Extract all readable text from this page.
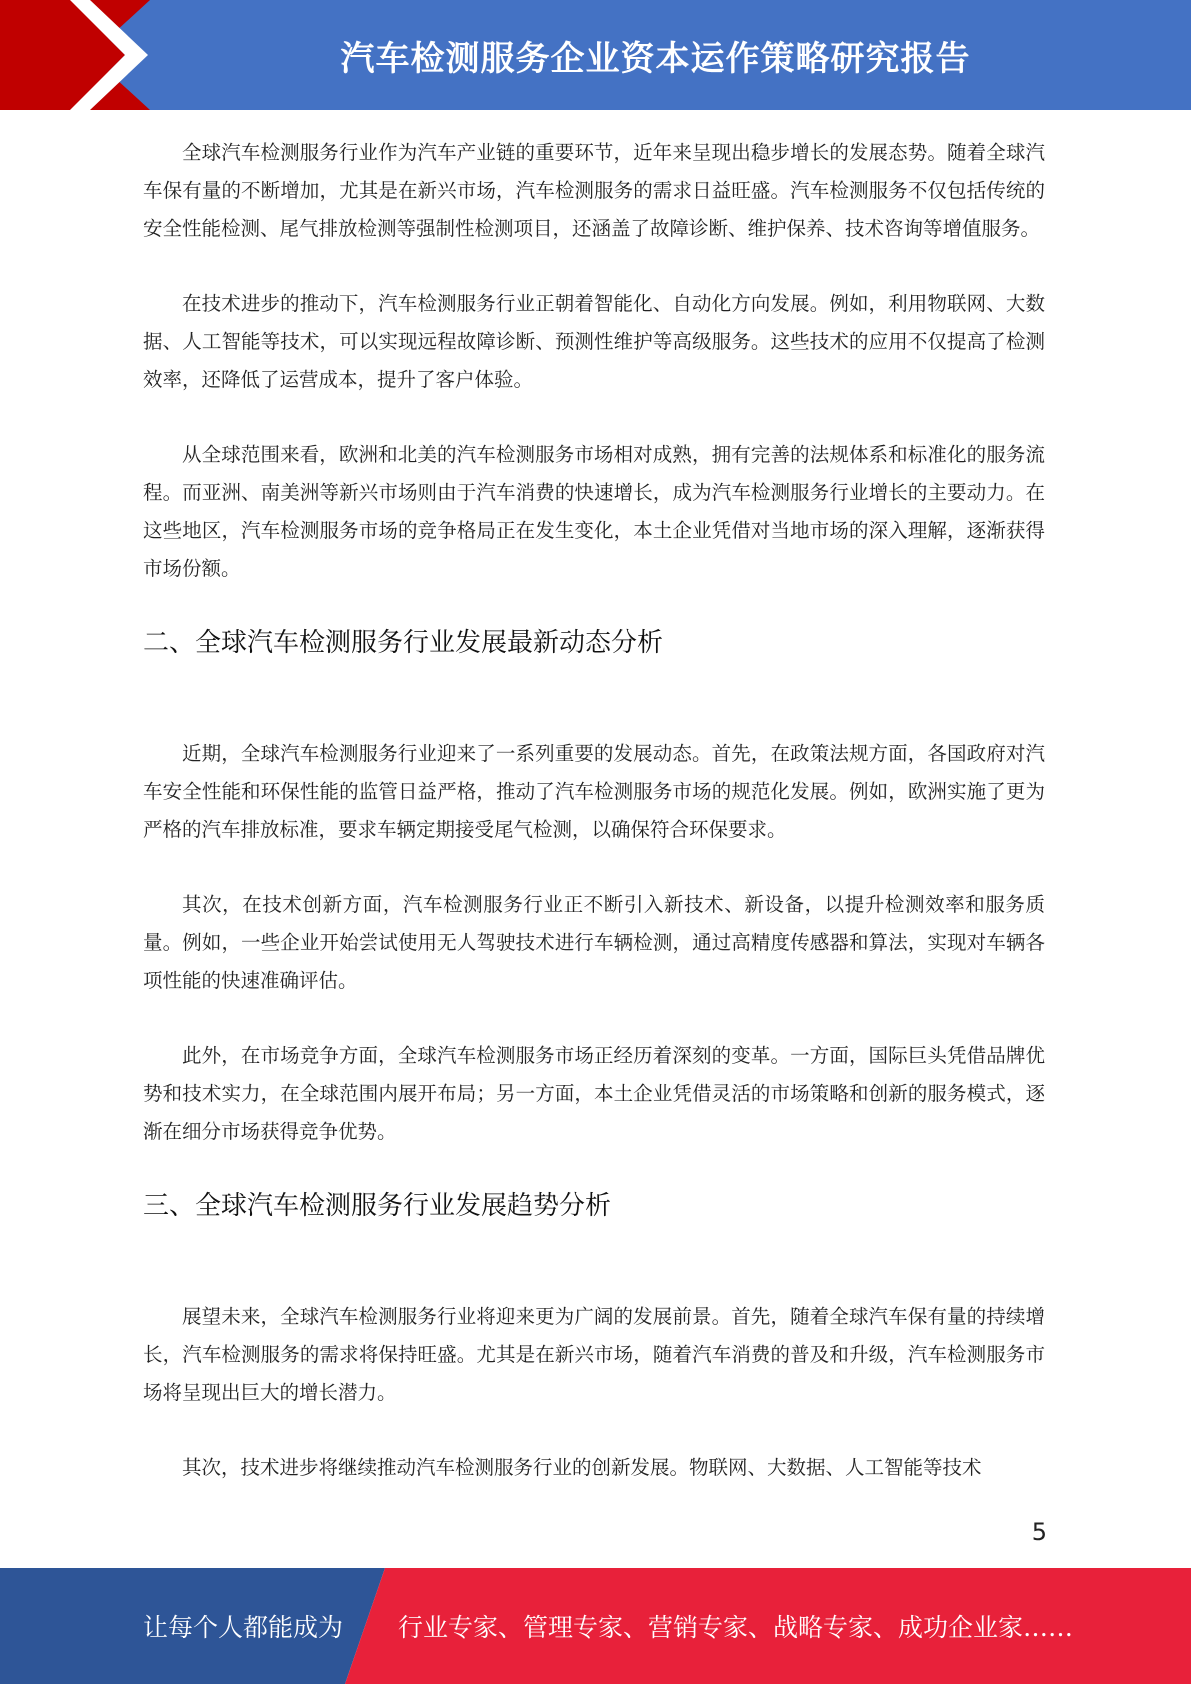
汽车检测服务企业资本运作策略研究报告

全球汽车检测服务行业作为汽车产业链的重要环节，近年来呈现出稳步增长的发展态势。随着全球汽车保有量的不断增加，尤其是在新兴市场，汽车检测服务的需求日益旺盛。汽车检测服务不仅包括传统的安全性能检测、尾气排放检测等强制性检测项目，还涵盖了故障诊断、维护保养、技术咨询等增值服务。

在技术进步的推动下，汽车检测服务行业正朝着智能化、自动化方向发展。例如，利用物联网、大数据、人工智能等技术，可以实现远程故障诊断、预测性维护等高级服务。这些技术的应用不仅提高了检测效率，还降低了运营成本，提升了客户体验。

从全球范围来看，欧洲和北美的汽车检测服务市场相对成熟，拥有完善的法规体系和标准化的服务流程。而亚洲、南美洲等新兴市场则由于汽车消费的快速增长，成为汽车检测服务行业增长的主要动力。在这些地区，汽车检测服务市场的竞争格局正在发生变化，本土企业凭借对当地市场的深入理解，逐渐获得市场份额。

二、全球汽车检测服务行业发展最新动态分析

近期，全球汽车检测服务行业迎来了一系列重要的发展动态。首先，在政策法规方面，各国政府对汽车安全性能和环保性能的监管日益严格，推动了汽车检测服务市场的规范化发展。例如，欧洲实施了更为严格的汽车排放标准，要求车辆定期接受尾气检测，以确保符合环保要求。

其次，在技术创新方面，汽车检测服务行业正不断引入新技术、新设备，以提升检测效率和服务质量。例如，一些企业开始尝试使用无人驾驶技术进行车辆检测，通过高精度传感器和算法，实现对车辆各项性能的快速准确评估。

此外，在市场竞争方面，全球汽车检测服务市场正经历着深刻的变革。一方面，国际巨头凭借品牌优势和技术实力，在全球范围内展开布局；另一方面，本土企业凭借灵活的市场策略和创新的服务模式，逐渐在细分市场获得竞争优势。

三、全球汽车检测服务行业发展趋势分析

展望未来，全球汽车检测服务行业将迎来更为广阔的发展前景。首先，随着全球汽车保有量的持续增长，汽车检测服务的需求将保持旺盛。尤其是在新兴市场，随着汽车消费的普及和升级，汽车检测服务市场将呈现出巨大的增长潜力。

其次，技术进步将继续推动汽车检测服务行业的创新发展。物联网、大数据、人工智能等技术

5
让每个人都能成为 行业专家、管理专家、营销专家、战略专家、成功企业家……
